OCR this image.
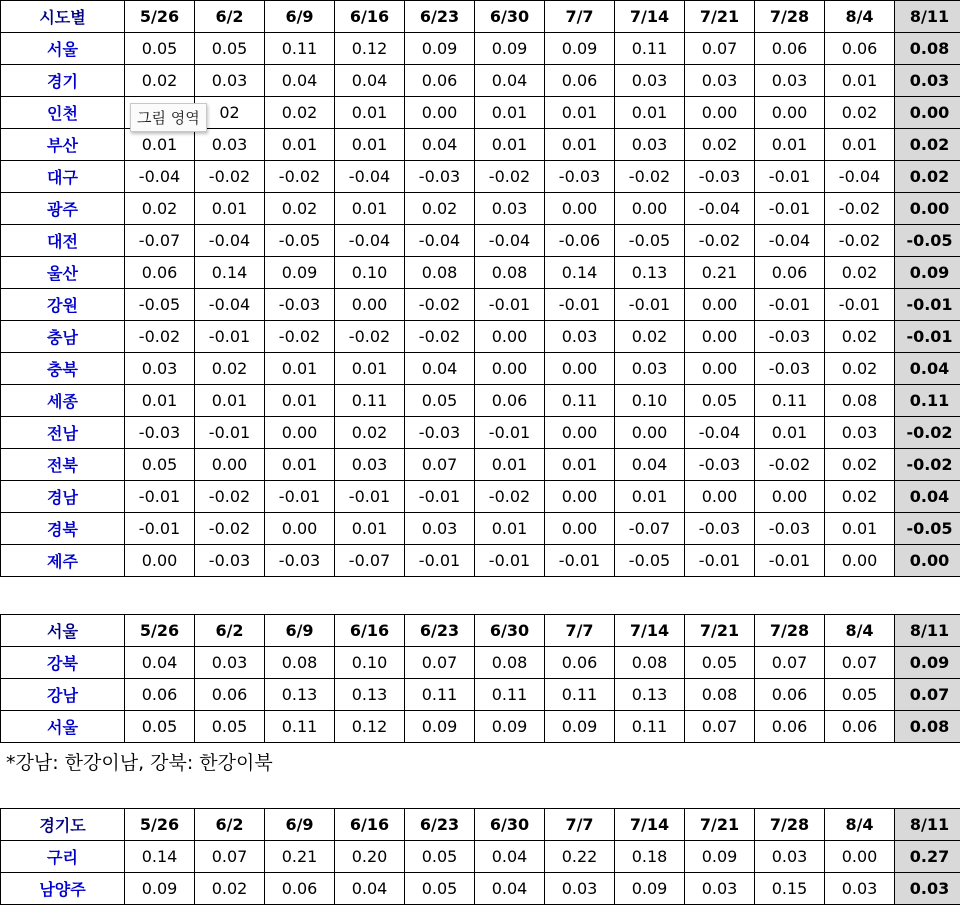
시도별	5/26	6/2	6/9	6/16	6/23	6/30	7/7	7/14	7/21	7/28	8/4	8/11
서울	0.05	0.05	0.11	0.12	0.09	0.09	0.09	0.11	0.07	0.06	0.06	0.08
경기	0.02	0.03	0.04	0.04	0.06	0.04	0.06	0.03	0.03	0.03	0.01	0.03
인천		02	0.02	0.01	0.00	0.01	0.01	0.01	0.00	0.00	0.02	0.00
부산	0.01	0.03	0.01	0.01	0.04	0.01	0.01	0.03	0.02	0.01	0.01	0.02
대구	-0.04	-0.02	-0.02	-0.04	-0.03	-0.02	-0.03	-0.02	-0.03	-0.01	-0.04	0.02
광주	0.02	0.01	0.02	0.01	0.02	0.03	0.00	0.00	-0.04	-0.01	-0.02	0.00
대전	-0.07	-0.04	-0.05	-0.04	-0.04	-0.04	-0.06	-0.05	-0.02	-0.04	-0.02	-0.05
울산	0.06	0.14	0.09	0.10	0.08	0.08	0.14	0.13	0.21	0.06	0.02	0.09
강원	-0.05	-0.04	-0.03	0.00	-0.02	-0.01	-0.01	-0.01	0.00	-0.01	-0.01	-0.01
충남	-0.02	-0.01	-0.02	-0.02	-0.02	0.00	0.03	0.02	0.00	-0.03	0.02	-0.01
충북	0.03	0.02	0.01	0.01	0.04	0.00	0.00	0.03	0.00	-0.03	0.02	0.04
세종	0.01	0.01	0.01	0.11	0.05	0.06	0.11	0.10	0.05	0.11	0.08	0.11
전남	-0.03	-0.01	0.00	0.02	-0.03	-0.01	0.00	0.00	-0.04	0.01	0.03	-0.02
전북	0.05	0.00	0.01	0.03	0.07	0.01	0.01	0.04	-0.03	-0.02	0.02	-0.02
경남	-0.01	-0.02	-0.01	-0.01	-0.01	-0.02	0.00	0.01	0.00	0.00	0.02	0.04
경북	-0.01	-0.02	0.00	0.01	0.03	0.01	0.00	-0.07	-0.03	-0.03	0.01	-0.05
제주	0.00	-0.03	-0.03	-0.07	-0.01	-0.01	-0.01	-0.05	-0.01	-0.01	0.00	0.00
서울	5/26	6/2	6/9	6/16	6/23	6/30	7/7	7/14	7/21	7/28	8/4	8/11
강북	0.04	0.03	0.08	0.10	0.07	0.08	0.06	0.08	0.05	0.07	0.07	0.09
강남	0.06	0.06	0.13	0.13	0.11	0.11	0.11	0.13	0.08	0.06	0.05	0.07
서울	0.05	0.05	0.11	0.12	0.09	0.09	0.09	0.11	0.07	0.06	0.06	0.08
*강남: 한강이남, 강북: 한강이북
경기도	5/26	6/2	6/9	6/16	6/23	6/30	7/7	7/14	7/21	7/28	8/4	8/11
구리	0.14	0.07	0.21	0.20	0.05	0.04	0.22	0.18	0.09	0.03	0.00	0.27
남양주	0.09	0.02	0.06	0.04	0.05	0.04	0.03	0.09	0.03	0.15	0.03	0.03
그림 영역
